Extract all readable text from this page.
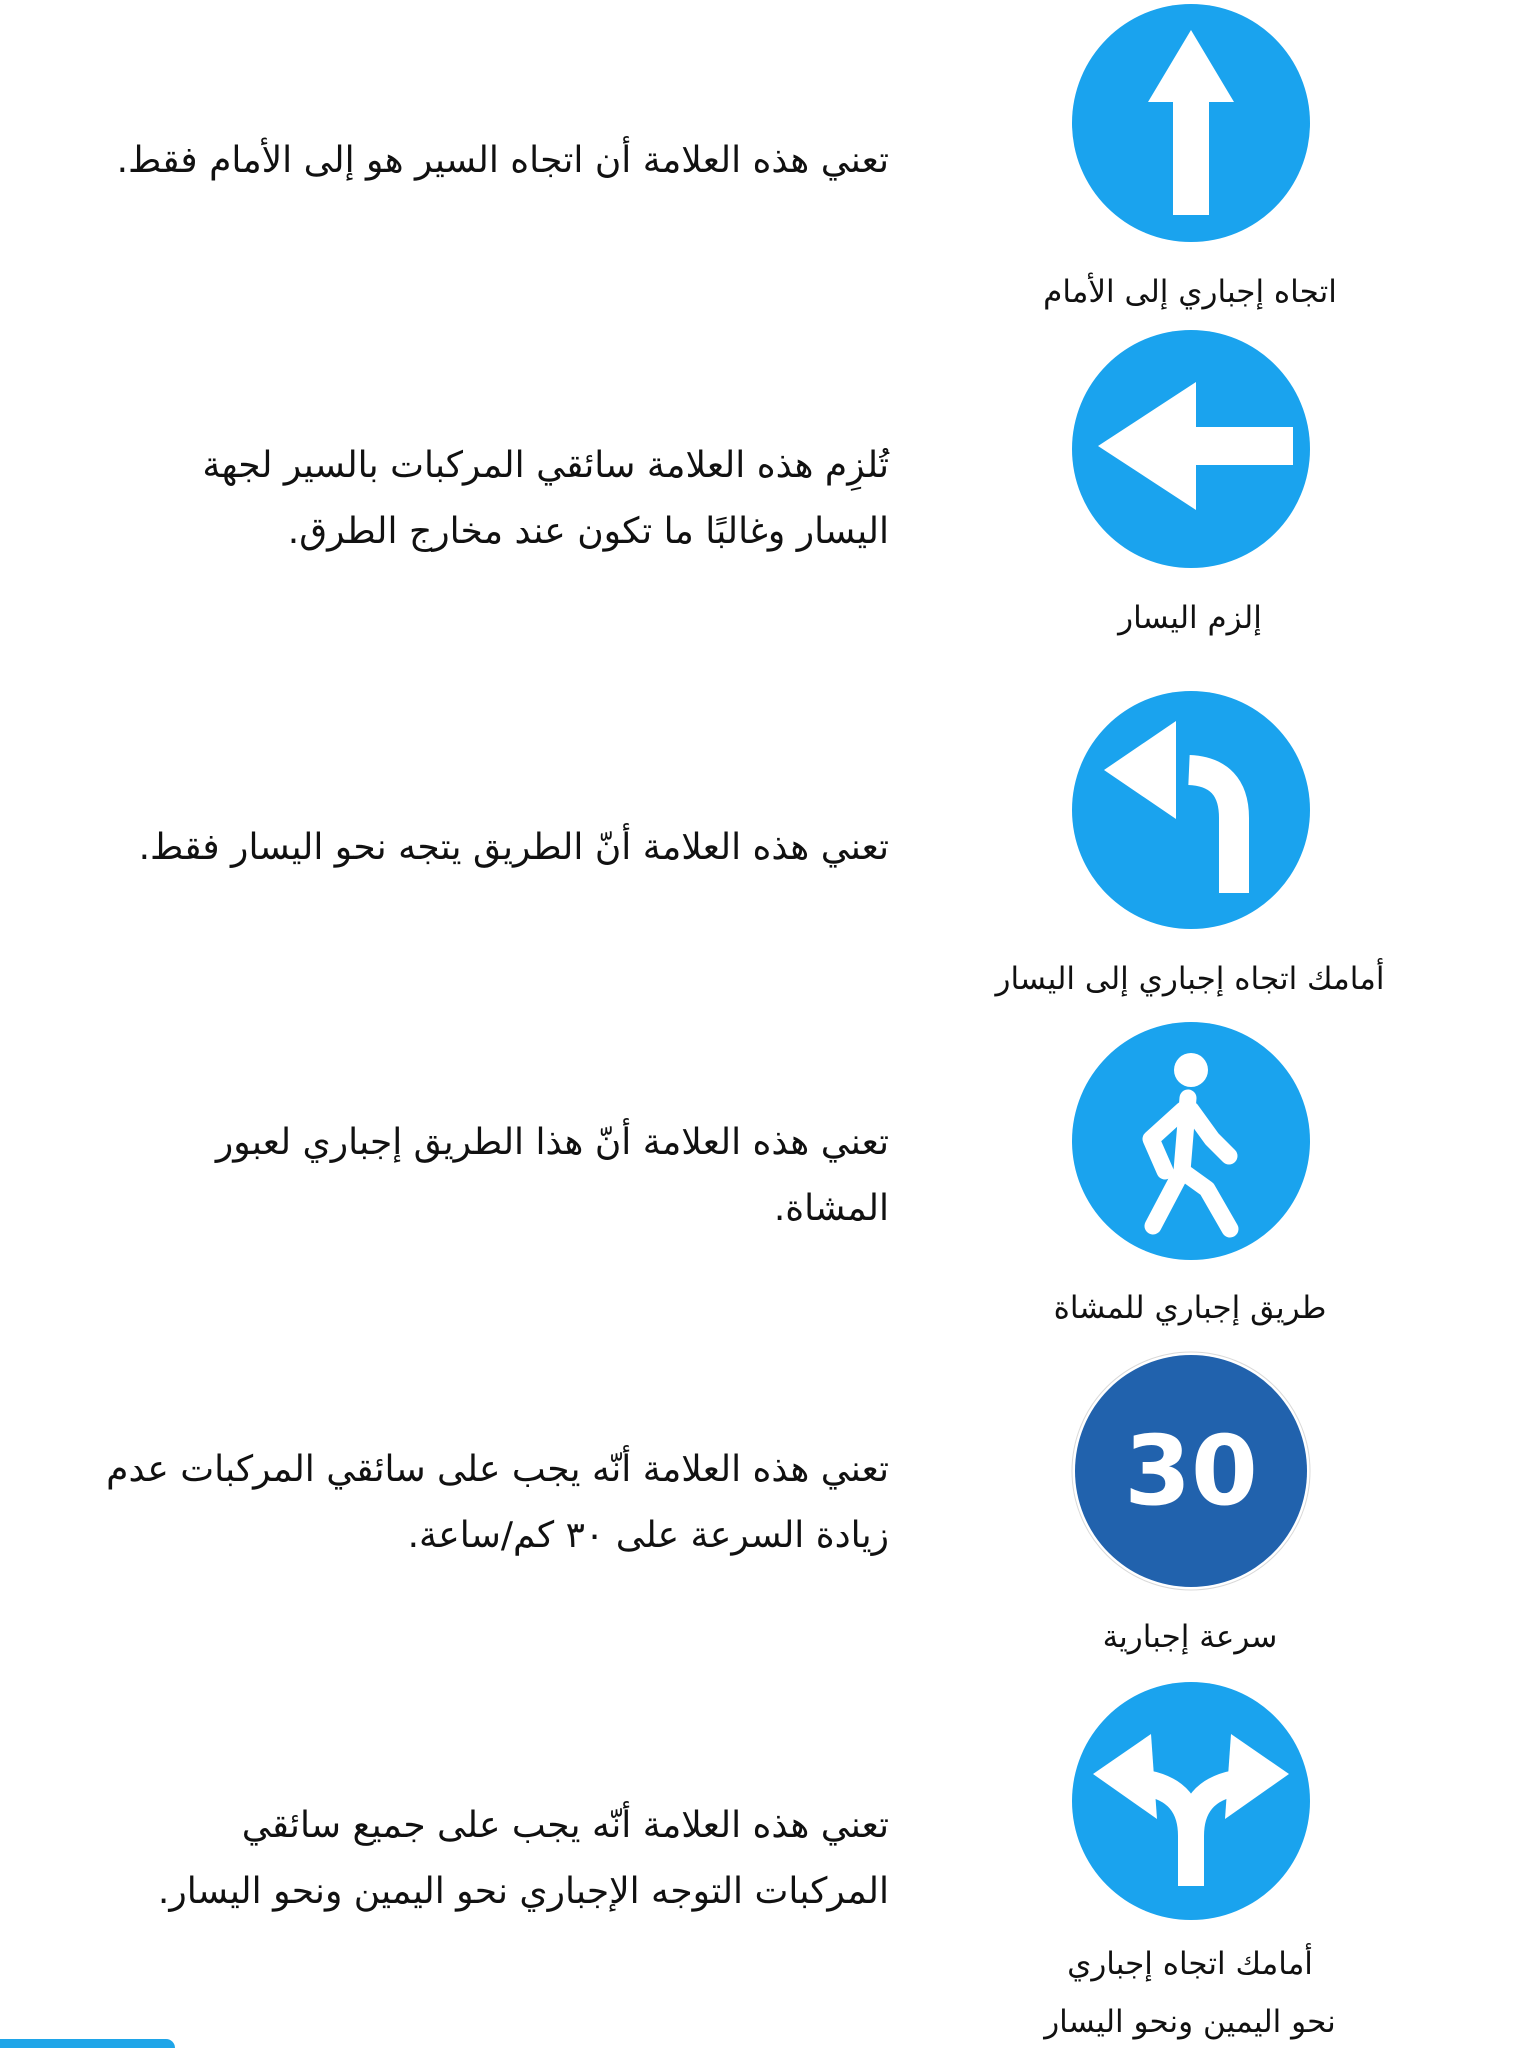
اتجاه إجباري إلى الأمام
تعني هذه العلامة أن اتجاه السير هو إلى الأمام فقط.
إلزم اليسار
تُلزِم هذه العلامة سائقي المركبات بالسير لجهة اليسار وغالبًا ما تكون عند مخارج الطرق.
أمامك اتجاه إجباري إلى اليسار
تعني هذه العلامة أنّ الطريق يتجه نحو اليسار فقط.
طريق إجباري للمشاة
تعني هذه العلامة أنّ هذا الطريق إجباري لعبور المشاة.
30
سرعة إجبارية
تعني هذه العلامة أنّه يجب على سائقي المركبات عدم زيادة السرعة على ٣٠ كم/ساعة.
أمامك اتجاه إجباري
نحو اليمين ونحو اليسار
تعني هذه العلامة أنّه يجب على جميع سائقي المركبات التوجه الإجباري نحو اليمين ونحو اليسار.
